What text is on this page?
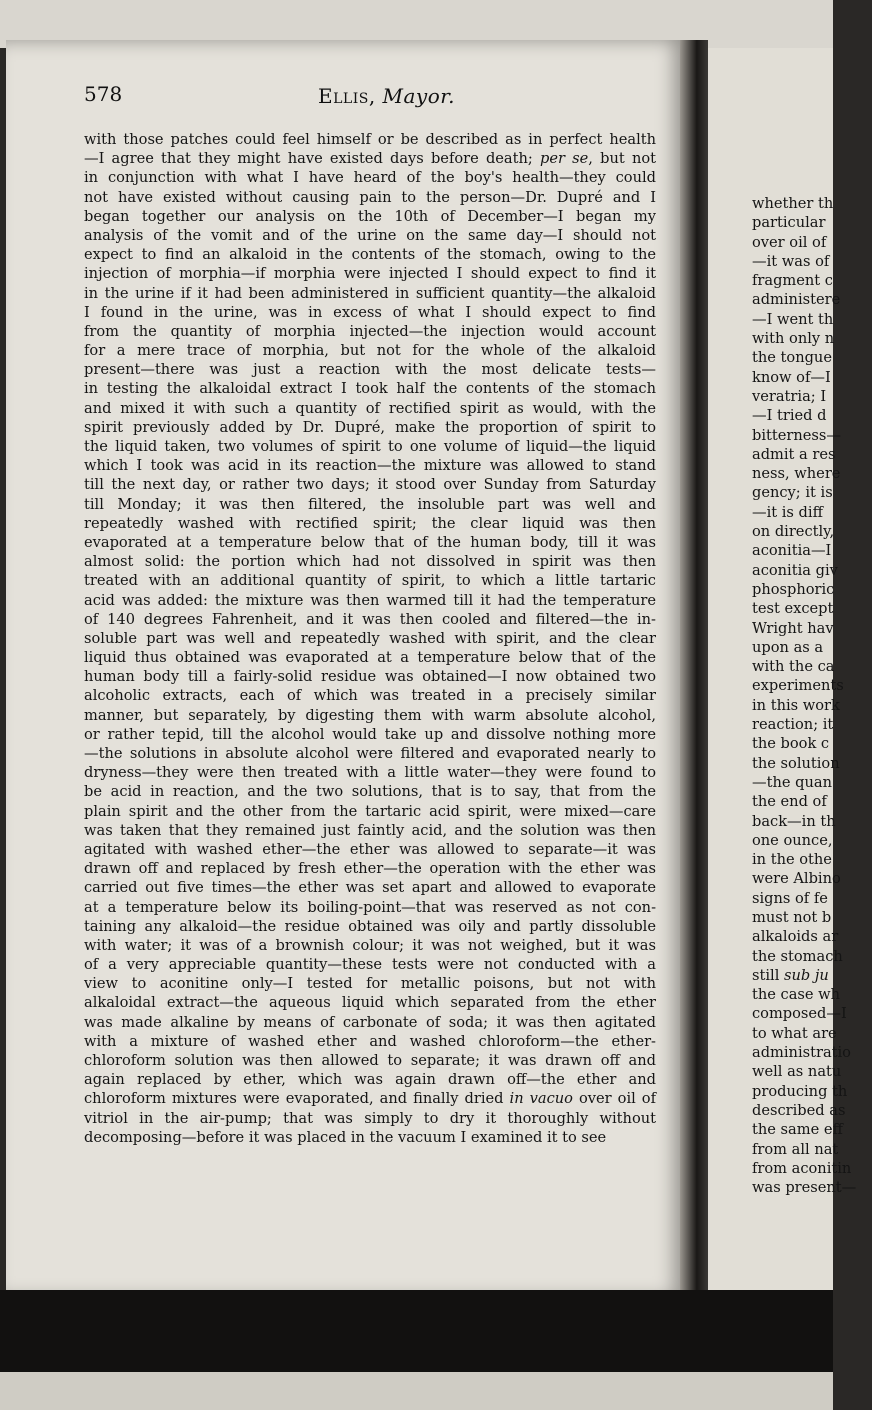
whether th
particular
over oil of
—it was of
fragment c
administere
—I went th
with only n
the tongue
know of—I
veratria; I
—I tried d
bitterness—
admit a res
ness, where
gency; it is
—it is diff
on directly,
aconitia—I
aconitia giv
phosphoric
test except
Wright hav
upon as a
with the ca
experiments
in this work
reaction; it
the book c
the solution
—the quan
the end of
back—in th
one ounce,
in the othe
were Albino
signs of fe
must not b
alkaloids ar
the stomach
still sub ju
the case wh
composed—I
to what are
administratio
well as natu
producing th
described as
the same eff
from all nat
from aconitin
was present—
578	Ellis, Mayor.
with those patches could feel himself or be described as in perfect health
—I agree that they might have existed days before death; per se, but not
in conjunction with what I have heard of the boy's health—they could
not have existed without causing pain to the person—Dr. Dupré and I
began together our analysis on the 10th of December—I began my
analysis of the vomit and of the urine on the same day—I should not
expect to find an alkaloid in the contents of the stomach, owing to the
injection of morphia—if morphia were injected I should expect to find it
in the urine if it had been administered in sufficient quantity—the alkaloid
I found in the urine, was in excess of what I should expect to find
from the quantity of morphia injected—the injection would account
for a mere trace of morphia, but not for the whole of the alkaloid
present—there was just a reaction with the most delicate tests—
in testing the alkaloidal extract I took half the contents of the stomach
and mixed it with such a quantity of rectified spirit as would, with the
spirit previously added by Dr. Dupré, make the proportion of spirit to
the liquid taken, two volumes of spirit to one volume of liquid—the liquid
which I took was acid in its reaction—the mixture was allowed to stand
till the next day, or rather two days; it stood over Sunday from Saturday
till Monday; it was then filtered, the insoluble part was well and
repeatedly washed with rectified spirit; the clear liquid was then
evaporated at a temperature below that of the human body, till it was
almost solid: the portion which had not dissolved in spirit was then
treated with an additional quantity of spirit, to which a little tartaric
acid was added: the mixture was then warmed till it had the temperature
of 140 degrees Fahrenheit, and it was then cooled and filtered—the in-
soluble part was well and repeatedly washed with spirit, and the clear
liquid thus obtained was evaporated at a temperature below that of the
human body till a fairly-solid residue was obtained—I now obtained two
alcoholic extracts, each of which was treated in a precisely similar
manner, but separately, by digesting them with warm absolute alcohol,
or rather tepid, till the alcohol would take up and dissolve nothing more
—the solutions in absolute alcohol were filtered and evaporated nearly to
dryness—they were then treated with a little water—they were found to
be acid in reaction, and the two solutions, that is to say, that from the
plain spirit and the other from the tartaric acid spirit, were mixed—care
was taken that they remained just faintly acid, and the solution was then
agitated with washed ether—the ether was allowed to separate—it was
drawn off and replaced by fresh ether—the operation with the ether was
carried out five times—the ether was set apart and allowed to evaporate
at a temperature below its boiling-point—that was reserved as not con-
taining any alkaloid—the residue obtained was oily and partly dissoluble
with water; it was of a brownish colour; it was not weighed, but it was
of a very appreciable quantity—these tests were not conducted with a
view to aconitine only—I tested for metallic poisons, but not with
alkaloidal extract—the aqueous liquid which separated from the ether
was made alkaline by means of carbonate of soda; it was then agitated
with a mixture of washed ether and washed chloroform—the ether-
chloroform solution was then allowed to separate; it was drawn off and
again replaced by ether, which was again drawn off—the ether and
chloroform mixtures were evaporated, and finally dried in vacuo over oil of
vitriol in the air-pump; that was simply to dry it thoroughly without
decomposing—before it was placed in the vacuum I examined it to see
